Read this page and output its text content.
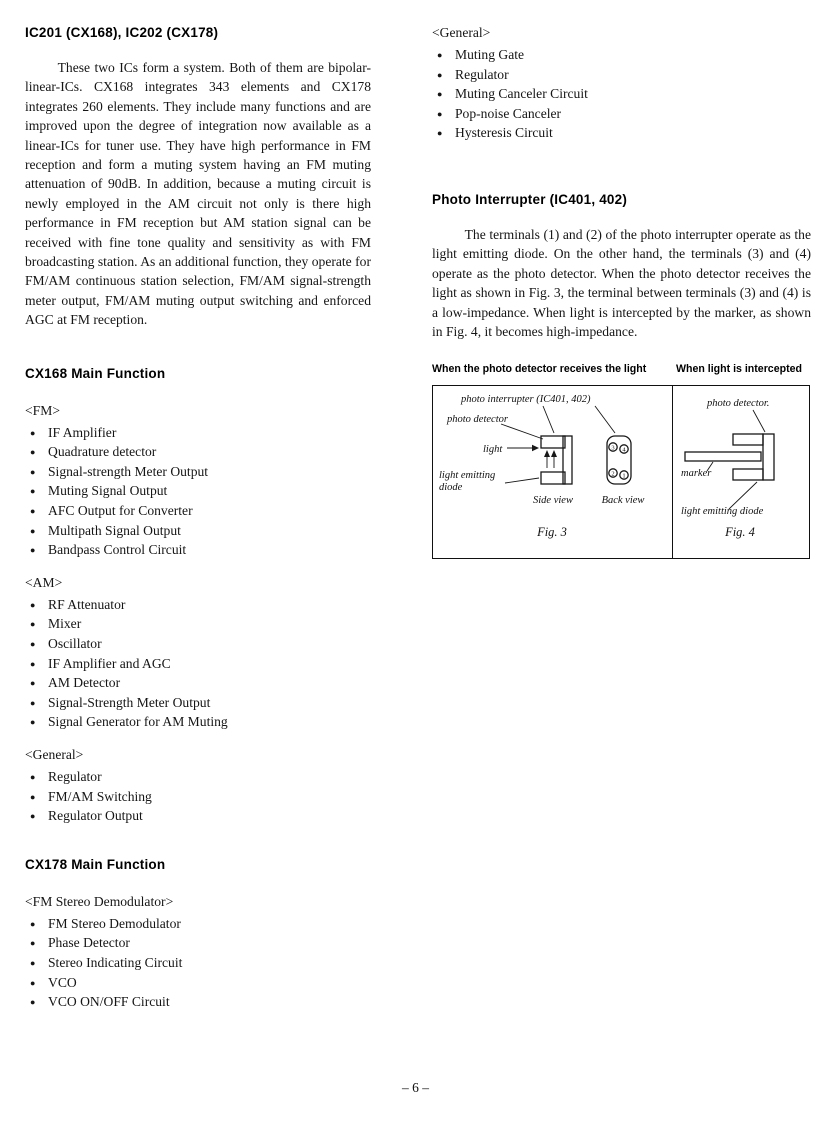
IC201 (CX168), IC202 (CX178)

These two ICs form a system. Both of them are bipolar-linear-ICs. CX168 integrates 343 elements and CX178 integrates 260 elements. They include many functions and are improved upon the degree of integration now available as a linear-ICs for tuner use. They have high performance in FM reception and form a muting system having an FM muting attenuation of 90dB. In addition, because a muting circuit is newly employed in the AM circuit not only is there high performance in FM reception but AM station signal can be received with fine tone quality and sensitivity as with FM broadcasting station. As an additional function, they operate for FM/AM continuous station selection, FM/AM signal-strength meter output, FM/AM muting output switching and enforced AGC at FM reception.

CX168 Main Function
<FM>
● IF Amplifier
● Quadrature detector
● Signal-strength Meter Output
● Muting Signal Output
● AFC Output for Converter
● Multipath Signal Output
● Bandpass Control Circuit
<AM>
● RF Attenuator
● Mixer
● Oscillator
● IF Amplifier and AGC
● AM Detector
● Signal-Strength Meter Output
● Signal Generator for AM Muting
<General>
● Regulator
● FM/AM Switching
● Regulator Output
CX178 Main Function
<FM Stereo Demodulator>
● FM Stereo Demodulator
● Phase Detector
● Stereo Indicating Circuit
● VCO
● VCO ON/OFF Circuit
<General>
● Muting Gate
● Regulator
● Muting Canceler Circuit
● Pop-noise Canceler
● Hysteresis Circuit
Photo Interrupter (IC401, 402)

The terminals (1) and (2) of the photo interrupter operate as the light emitting diode. On the other hand, the terminals (3) and (4) operate as the photo detector. When the photo detector receives the light as shown in Fig. 3, the terminal between terminals (3) and (4) is a low-impedance. When light is intercepted by the marker, as shown in Fig. 4, it becomes high-impedance.

When the photo detector receives the light	When light is intercepted
photo interrupter (IC401, 402)
photo detector
light
light emitting
diode
Side view
3 4
2 1
Back view
Fig. 3
photo detector.
marker
light emitting diode
Fig. 4
– 6 –
